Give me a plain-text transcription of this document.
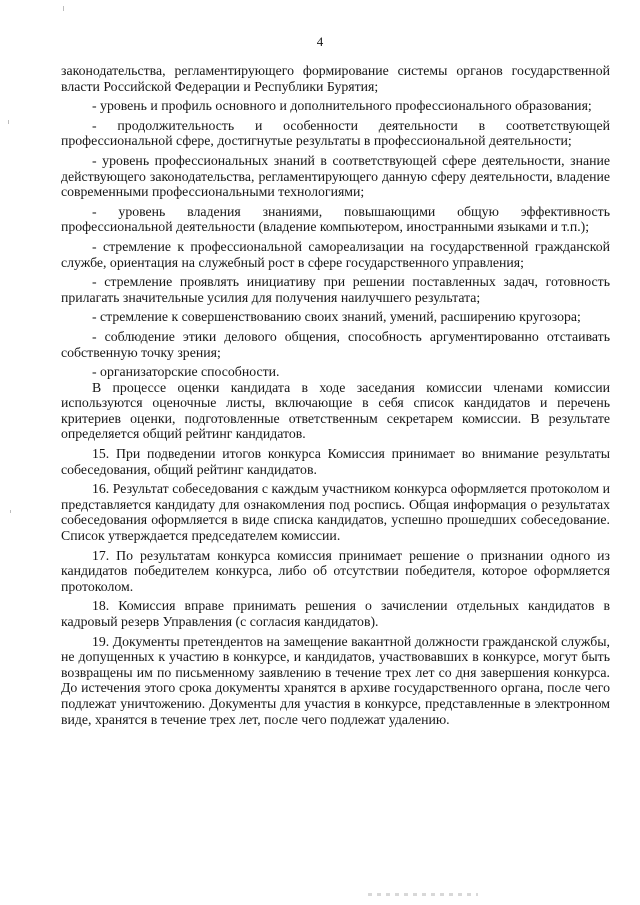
4

законодательства, регламентирующего формирование системы органов государственной власти Российской Федерации и Республики Бурятия;

- уровень и профиль основного и дополнительного профессионального образования;

- продолжительность и особенности деятельности в соответствующей профессиональной сфере, достигнутые результаты в профессиональной деятельности;

- уровень профессиональных знаний в соответствующей сфере деятельности, знание действующего законодательства, регламентирующего данную сферу деятельности, владение современными профессиональными технологиями;

- уровень владения знаниями, повышающими общую эффективность профессиональной деятельности (владение компьютером, иностранными языками и т.п.);

- стремление к профессиональной самореализации на государственной гражданской службе, ориентация на служебный рост в сфере государственного управления;

- стремление проявлять инициативу при решении поставленных задач, готовность прилагать значительные усилия для получения наилучшего результата;

- стремление к совершенствованию своих знаний, умений, расширению кругозора;

- соблюдение этики делового общения, способность аргументированно отстаивать собственную точку зрения;

- организаторские способности.

В процессе оценки кандидата в ходе заседания комиссии членами комиссии используются оценочные листы, включающие в себя список кандидатов и перечень критериев оценки, подготовленные ответственным секретарем комиссии. В результате определяется общий рейтинг кандидатов.

15. При подведении итогов конкурса Комиссия принимает во внимание результаты собеседования, общий рейтинг кандидатов.

16. Результат собеседования с каждым участником конкурса оформляется протоколом и представляется кандидату для ознакомления под роспись. Общая информация о результатах собеседования оформляется в виде списка кандидатов, успешно прошедших собеседование. Список утверждается председателем комиссии.

17. По результатам конкурса комиссия принимает решение о признании одного из кандидатов победителем конкурса, либо об отсутствии победителя, которое оформляется протоколом.

18. Комиссия вправе принимать решения о зачислении отдельных кандидатов в кадровый резерв Управления (с согласия кандидатов).

19. Документы претендентов на замещение вакантной должности гражданской службы, не допущенных к участию в конкурсе, и кандидатов, участвовавших в конкурсе, могут быть возвращены им по письменному заявлению в течение трех лет со дня завершения конкурса. До истечения этого срока документы хранятся в архиве государственного органа, после чего подлежат уничтожению. Документы для участия в конкурсе, представленные в электронном виде, хранятся в течение трех лет, после чего подлежат удалению.
